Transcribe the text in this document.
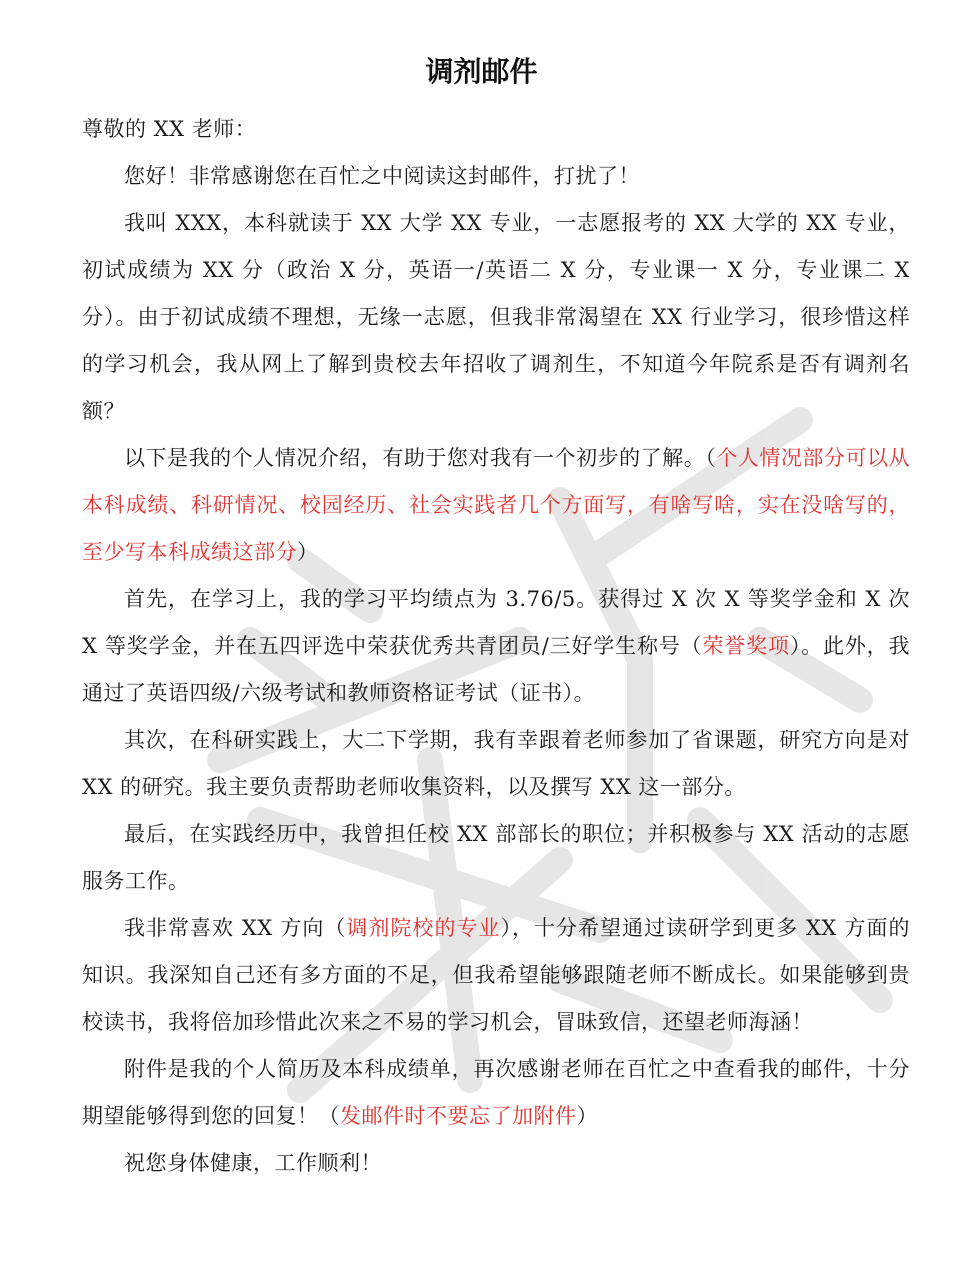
调剂邮件

尊敬的 XX 老师：

您好！非常感谢您在百忙之中阅读这封邮件，打扰了！

我叫 XXX，本科就读于 XX 大学 XX 专业，一志愿报考的 XX 大学的 XX 专业，初试成绩为 XX 分（政治 X 分，英语一/英语二 X 分，专业课一 X 分，专业课二 X 分）。由于初试成绩不理想，无缘一志愿，但我非常渴望在 XX 行业学习，很珍惜这样的学习机会，我从网上了解到贵校去年招收了调剂生，不知道今年院系是否有调剂名额？

以下是我的个人情况介绍，有助于您对我有一个初步的了解。（个人情况部分可以从本科成绩、科研情况、校园经历、社会实践者几个方面写，有啥写啥，实在没啥写的，至少写本科成绩这部分）

首先，在学习上，我的学习平均绩点为 3.76/5。获得过 X 次 X 等奖学金和 X 次 X 等奖学金，并在五四评选中荣获优秀共青团员/三好学生称号（荣誉奖项）。此外，我通过了英语四级/六级考试和教师资格证考试（证书）。

其次，在科研实践上，大二下学期，我有幸跟着老师参加了省课题，研究方向是对 XX 的研究。我主要负责帮助老师收集资料，以及撰写 XX 这一部分。

最后，在实践经历中，我曾担任校 XX 部部长的职位；并积极参与 XX 活动的志愿服务工作。

我非常喜欢 XX 方向（调剂院校的专业），十分希望通过读研学到更多 XX 方面的知识。我深知自己还有多方面的不足，但我希望能够跟随老师不断成长。如果能够到贵校读书，我将倍加珍惜此次来之不易的学习机会，冒昧致信，还望老师海涵！

附件是我的个人简历及本科成绩单，再次感谢老师在百忙之中查看我的邮件，十分期望能够得到您的回复！（发邮件时不要忘了加附件）

祝您身体健康，工作顺利！
